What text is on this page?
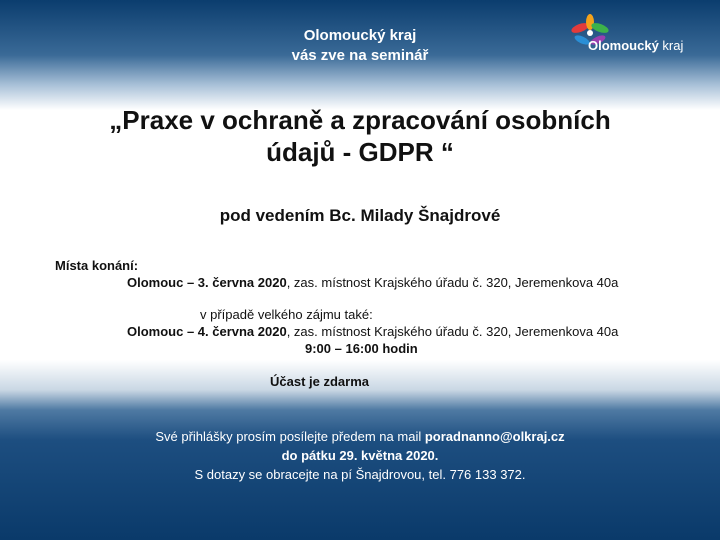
Olomoucký kraj
vás zve na seminář
Olomoucký kraj
„Praxe v ochraně a zpracování osobních
údajů - GDPR “
pod vedením Bc. Milady Šnajdrové
Místa konání:
Olomouc – 3. června 2020, zas. místnost Krajského úřadu č. 320, Jeremenkova 40a
v případě velkého zájmu také:
Olomouc – 4. června 2020, zas. místnost Krajského úřadu č. 320, Jeremenkova 40a
9:00 – 16:00 hodin
Účast je zdarma
Své přihlášky prosím posílejte předem na mail poradnanno@olkraj.cz
do pátku 29. května 2020.
S dotazy se obracejte na pí Šnajdrovou, tel. 776 133 372.
